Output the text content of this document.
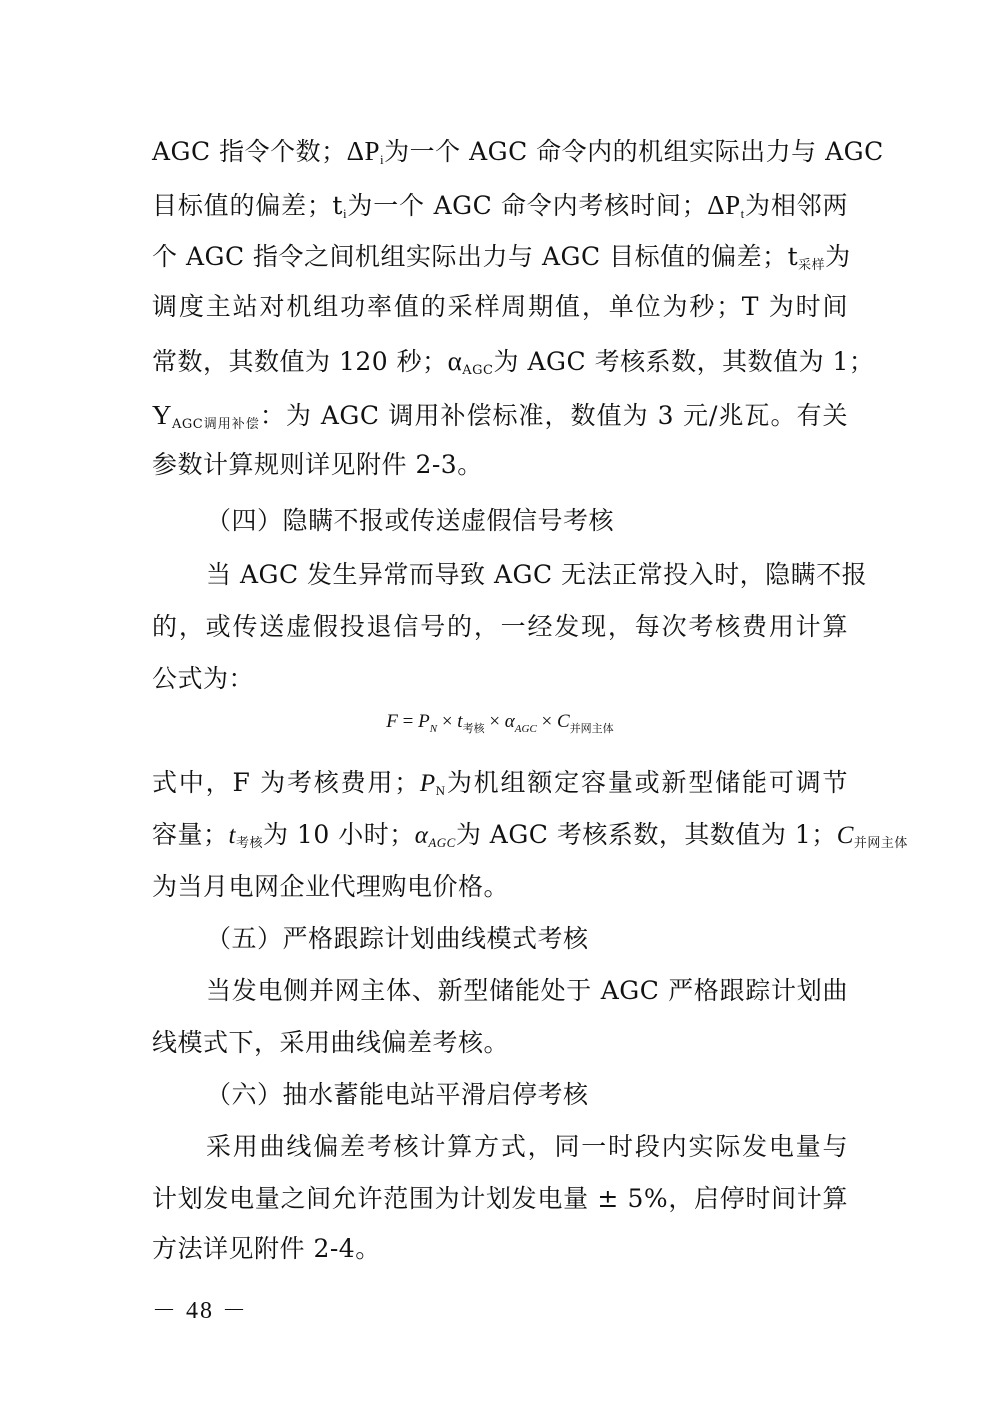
AGC 指令个数；ΔPi为一个 AGC 命令内的机组实际出力与 AGC
目标值的偏差；ti为一个 AGC 命令内考核时间；ΔPt为相邻两
个 AGC 指令之间机组实际出力与 AGC 目标值的偏差；$t_{采样}$为
调度主站对机组功率值的采样周期值，单位为秒；T 为时间
常数，其数值为 120 秒；$\alpha_{AGC}$为 AGC 考核系数，其数值为 1；
$Y_{AGC调用补偿}$：为 AGC 调用补偿标准，数值为 3 元/兆瓦。有关
参数计算规则详见附件 2-3。
（四）隐瞒不报或传送虚假信号考核
当 AGC 发生异常而导致 AGC 无法正常投入时，隐瞒不报
的，或传送虚假投退信号的，一经发现，每次考核费用计算
公式为：
$F = P_N \times t_{考核} \times \alpha_{AGC} \times C_{并网主体}$
式中，F 为考核费用；PN为机组额定容量或新型储能可调节
容量；$t_{考核}$为 10 小时；αAGC为 AGC 考核系数，其数值为 1；$C_{并网主体}$
为当月电网企业代理购电价格。
（五）严格跟踪计划曲线模式考核
当发电侧并网主体、新型储能处于 AGC 严格跟踪计划曲
线模式下，采用曲线偏差考核。
（六）抽水蓄能电站平滑启停考核
采用曲线偏差考核计算方式，同一时段内实际发电量与
计划发电量之间允许范围为计划发电量 ± 5%，启停时间计算
方法详见附件 2-4。
－ 48 －
